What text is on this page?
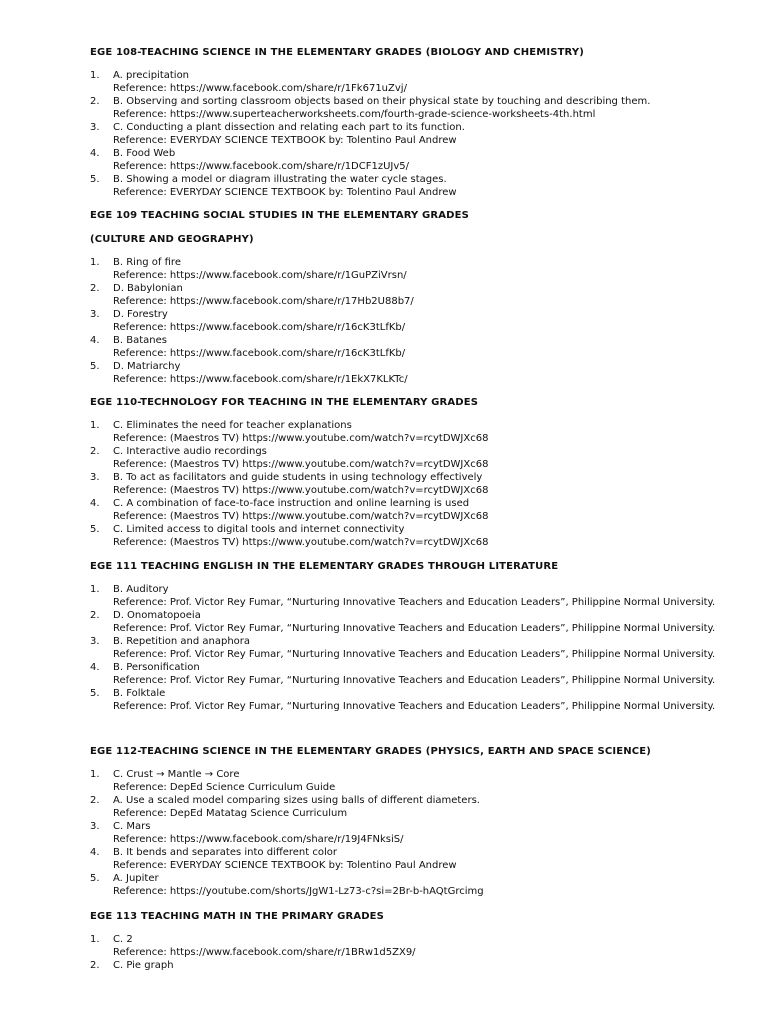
EGE 108-TEACHING SCIENCE IN THE ELEMENTARY GRADES (BIOLOGY AND CHEMISTRY)
1. A. precipitation
Reference: https://www.facebook.com/share/r/1Fk671uZvj/
2. B. Observing and sorting classroom objects based on their physical state by touching and describing them.
Reference: https://www.superteacherworksheets.com/fourth-grade-science-worksheets-4th.html
3. C. Conducting a plant dissection and relating each part to its function.
Reference: EVERYDAY SCIENCE TEXTBOOK by: Tolentino Paul Andrew
4. B. Food Web
Reference: https://www.facebook.com/share/r/1DCF1zUJv5/
5. B. Showing a model or diagram illustrating the water cycle stages.
Reference: EVERYDAY SCIENCE TEXTBOOK by: Tolentino Paul Andrew
EGE 109 TEACHING SOCIAL STUDIES IN THE ELEMENTARY GRADES
(CULTURE AND GEOGRAPHY)
1. B. Ring of fire
Reference: https://www.facebook.com/share/r/1GuPZiVrsn/
2. D. Babylonian
Reference: https://www.facebook.com/share/r/17Hb2U88b7/
3. D. Forestry
Reference: https://www.facebook.com/share/r/16cK3tLfKb/
4. B. Batanes
Reference: https://www.facebook.com/share/r/16cK3tLfKb/
5. D. Matriarchy
Reference: https://www.facebook.com/share/r/1EkX7KLKTc/
EGE 110-TECHNOLOGY FOR TEACHING IN THE ELEMENTARY GRADES
1. C. Eliminates the need for teacher explanations
Reference: (Maestros TV) https://www.youtube.com/watch?v=rcytDWJXc68
2. C. Interactive audio recordings
Reference: (Maestros TV) https://www.youtube.com/watch?v=rcytDWJXc68
3. B. To act as facilitators and guide students in using technology effectively
Reference: (Maestros TV) https://www.youtube.com/watch?v=rcytDWJXc68
4. C. A combination of face-to-face instruction and online learning is used
Reference: (Maestros TV) https://www.youtube.com/watch?v=rcytDWJXc68
5. C. Limited access to digital tools and internet connectivity
Reference: (Maestros TV) https://www.youtube.com/watch?v=rcytDWJXc68
EGE 111 TEACHING ENGLISH IN THE ELEMENTARY GRADES THROUGH LITERATURE
1. B. Auditory
Reference: Prof. Victor Rey Fumar, “Nurturing Innovative Teachers and Education Leaders”, Philippine Normal University.
2. D. Onomatopoeia
Reference: Prof. Victor Rey Fumar, “Nurturing Innovative Teachers and Education Leaders”, Philippine Normal University.
3. B. Repetition and anaphora
Reference: Prof. Victor Rey Fumar, “Nurturing Innovative Teachers and Education Leaders”, Philippine Normal University.
4. B. Personification
Reference: Prof. Victor Rey Fumar, “Nurturing Innovative Teachers and Education Leaders”, Philippine Normal University.
5. B. Folktale
Reference: Prof. Victor Rey Fumar, “Nurturing Innovative Teachers and Education Leaders”, Philippine Normal University.
EGE 112-TEACHING SCIENCE IN THE ELEMENTARY GRADES (PHYSICS, EARTH AND SPACE SCIENCE)
1. C. Crust → Mantle → Core
Reference: DepEd Science Curriculum Guide
2. A. Use a scaled model comparing sizes using balls of different diameters.
Reference: DepEd Matatag Science Curriculum
3. C. Mars
Reference: https://www.facebook.com/share/r/19J4FNksiS/
4. B. It bends and separates into different color
Reference: EVERYDAY SCIENCE TEXTBOOK by: Tolentino Paul Andrew
5. A. Jupiter
Reference: https://youtube.com/shorts/JgW1-Lz73-c?si=2Br-b-hAQtGrcimg
EGE 113 TEACHING MATH IN THE PRIMARY GRADES
1. C. 2
Reference: https://www.facebook.com/share/r/1BRw1d5ZX9/
2. C. Pie graph
